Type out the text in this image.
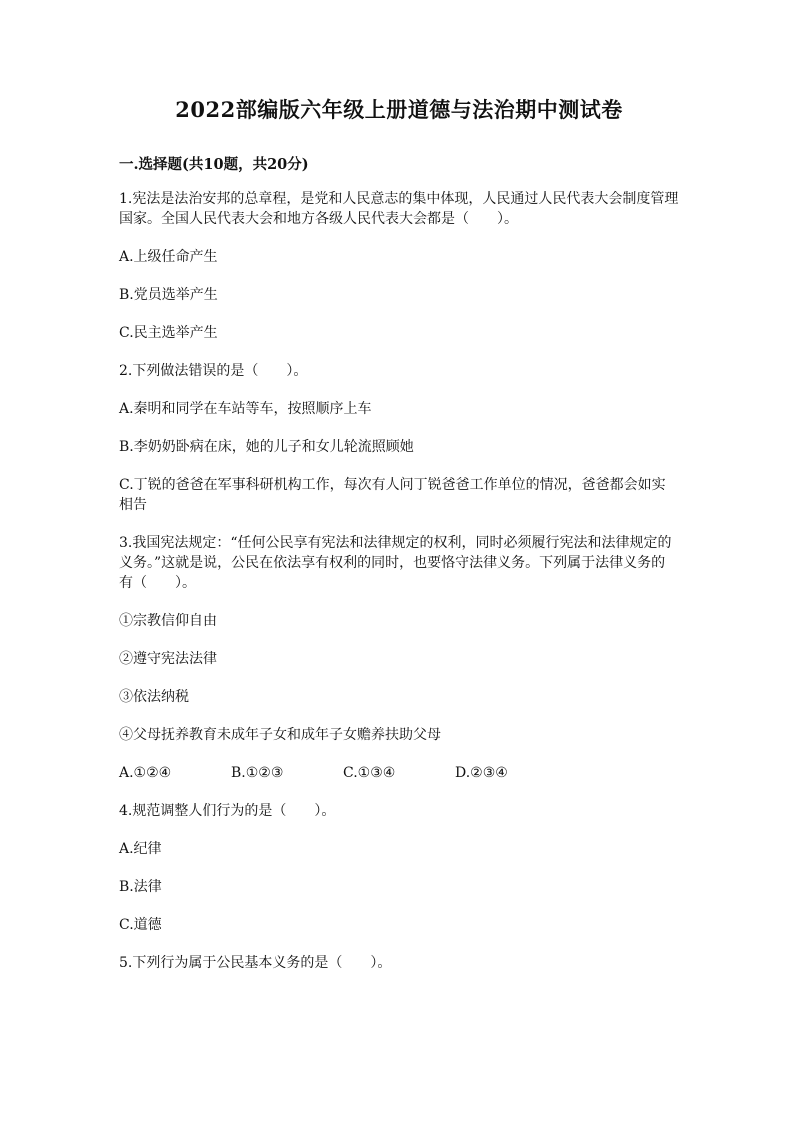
2022部编版六年级上册道德与法治期中测试卷
一.选择题(共10题，共20分)
1.宪法是法治安邦的总章程，是党和人民意志的集中体现，人民通过人民代表大会制度管理国家。全国人民代表大会和地方各级人民代表大会都是（　　）。
A.上级任命产生
B.党员选举产生
C.民主选举产生
2.下列做法错误的是（　　）。
A.秦明和同学在车站等车，按照顺序上车
B.李奶奶卧病在床，她的儿子和女儿轮流照顾她
C.丁锐的爸爸在军事科研机构工作，每次有人问丁锐爸爸工作单位的情况，爸爸都会如实相告
3.我国宪法规定：“任何公民享有宪法和法律规定的权利，同时必须履行宪法和法律规定的义务。”这就是说，公民在依法享有权利的同时，也要恪守法律义务。下列属于法律义务的有（　　）。
①宗教信仰自由
②遵守宪法法律
③依法纳税
④父母抚养教育未成年子女和成年子女赡养扶助父母
A.①②④	B.①②③	C.①③④	D.②③④
4.规范调整人们行为的是（　　）。
A.纪律
B.法律
C.道德
5.下列行为属于公民基本义务的是（　　）。
